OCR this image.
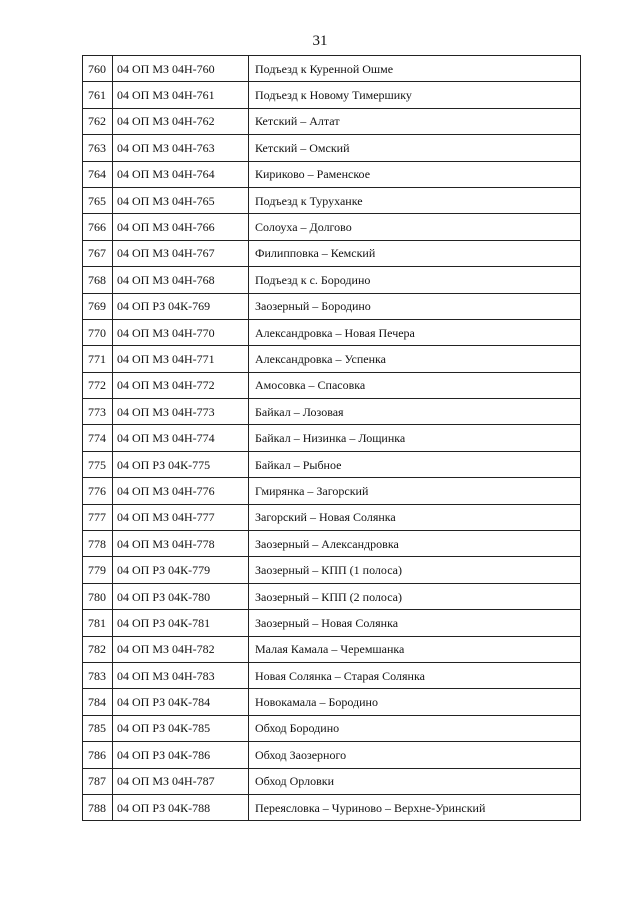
31
760	04 ОП МЗ 04Н-760	Подъезд к Куренной Ошме
761	04 ОП МЗ 04Н-761	Подъезд к Новому Тимершику
762	04 ОП МЗ 04Н-762	Кетский – Алтат
763	04 ОП МЗ 04Н-763	Кетский – Омский
764	04 ОП МЗ 04Н-764	Кириково – Раменское
765	04 ОП МЗ 04Н-765	Подъезд к Туруханке
766	04 ОП МЗ 04Н-766	Солоуха – Долгово
767	04 ОП МЗ 04Н-767	Филипповка – Кемский
768	04 ОП МЗ 04Н-768	Подъезд к с. Бородино
769	04 ОП РЗ 04К-769	Заозерный – Бородино
770	04 ОП МЗ 04Н-770	Александровка – Новая Печера
771	04 ОП МЗ 04Н-771	Александровка – Успенка
772	04 ОП МЗ 04Н-772	Амосовка – Спасовка
773	04 ОП МЗ 04Н-773	Байкал – Лозовая
774	04 ОП МЗ 04Н-774	Байкал – Низинка – Лощинка
775	04 ОП РЗ 04К-775	Байкал – Рыбное
776	04 ОП МЗ 04Н-776	Гмирянка – Загорский
777	04 ОП МЗ 04Н-777	Загорский – Новая Солянка
778	04 ОП МЗ 04Н-778	Заозерный – Александровка
779	04 ОП РЗ 04К-779	Заозерный – КПП (1 полоса)
780	04 ОП РЗ 04К-780	Заозерный – КПП (2 полоса)
781	04 ОП РЗ 04К-781	Заозерный – Новая Солянка
782	04 ОП МЗ 04Н-782	Малая Камала – Черемшанка
783	04 ОП МЗ 04Н-783	Новая Солянка – Старая Солянка
784	04 ОП РЗ 04К-784	Новокамала – Бородино
785	04 ОП РЗ 04К-785	Обход Бородино
786	04 ОП РЗ 04К-786	Обход Заозерного
787	04 ОП МЗ 04Н-787	Обход Орловки
788	04 ОП РЗ 04К-788	Переясловка – Чуриново – Верхне-Уринский
